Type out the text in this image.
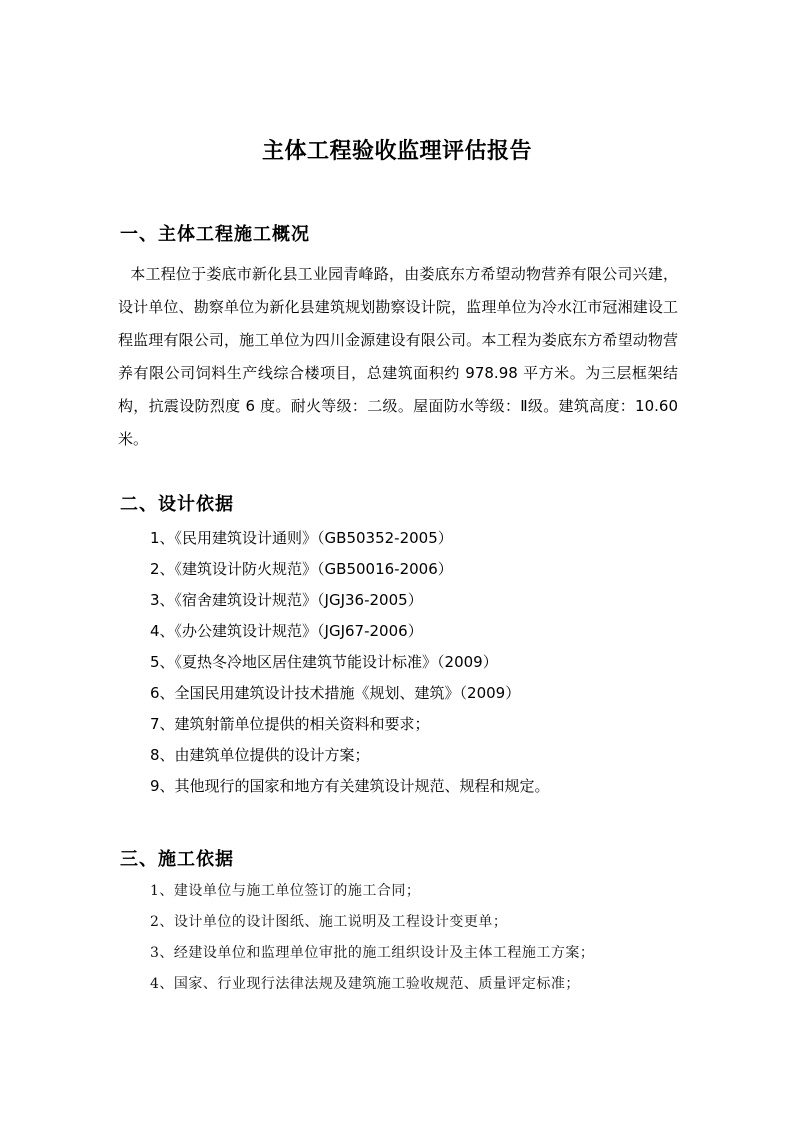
主体工程验收监理评估报告
一、主体工程施工概况
本工程位于娄底市新化县工业园青峰路，由娄底东方希望动物营养有限公司兴建，设计单位、勘察单位为新化县建筑规划勘察设计院，监理单位为冷水江市冠湘建设工程监理有限公司，施工单位为四川金源建设有限公司。本工程为娄底东方希望动物营养有限公司饲料生产线综合楼项目，总建筑面积约 978.98 平方米。为三层框架结构，抗震设防烈度 6 度。耐火等级：二级。屋面防水等级：Ⅱ级。建筑高度：10.60 米。
二、设计依据
1、《民用建筑设计通则》（GB50352-2005）
2、《建筑设计防火规范》（GB50016-2006）
3、《宿舍建筑设计规范》（JGJ36-2005）
4、《办公建筑设计规范》（JGJ67-2006）
5、《夏热冬冷地区居住建筑节能设计标准》（2009）
6、全国民用建筑设计技术措施《规划、建筑》（2009）
7、建筑射箭单位提供的相关资料和要求；
8、由建筑单位提供的设计方案；
9、其他现行的国家和地方有关建筑设计规范、规程和规定。
三、施工依据
1、建设单位与施工单位签订的施工合同；
2、设计单位的设计图纸、施工说明及工程设计变更单；
3、经建设单位和监理单位审批的施工组织设计及主体工程施工方案；
4、国家、行业现行法律法规及建筑施工验收规范、质量评定标准；
